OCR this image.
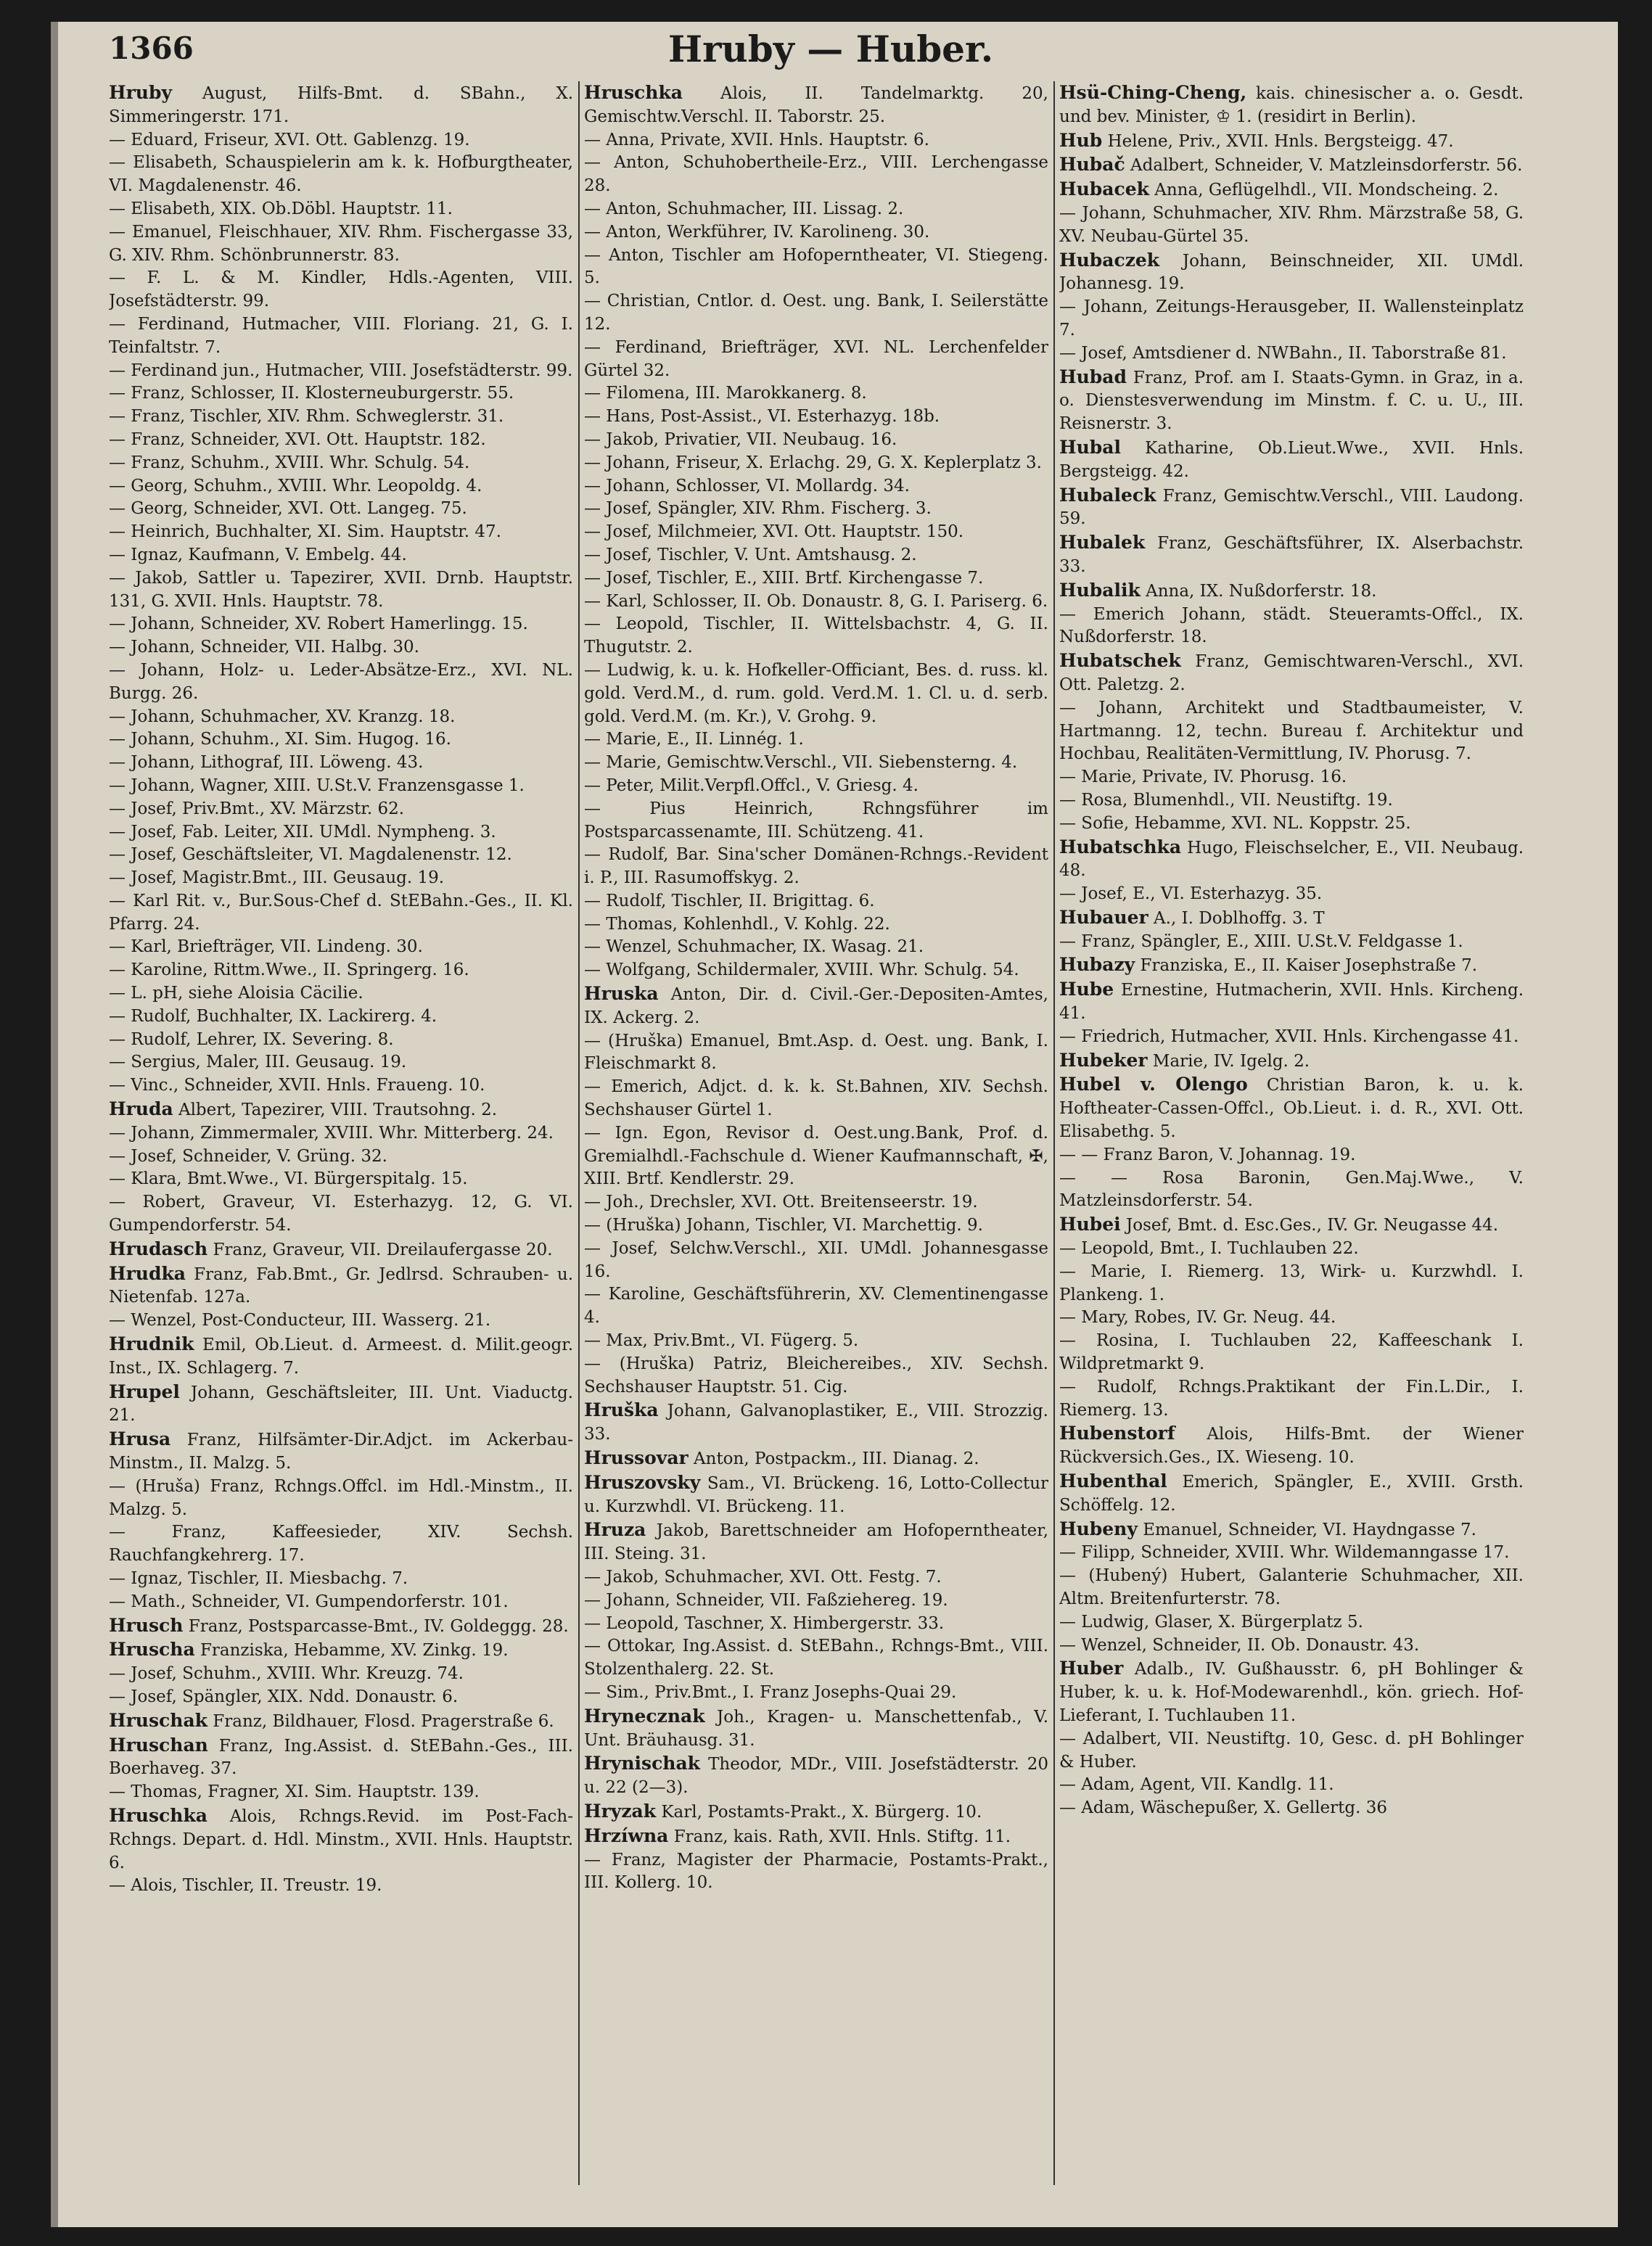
1366	Hruby — Huber.

Hruby August, Hilfs-Bmt. d. SBahn., X. Simmeringerstr. 171.

— Eduard, Friseur, XVI. Ott. Gablenzg. 19.

— Elisabeth, Schauspielerin am k. k. Hofburgtheater, VI. Magdalenenstr. 46.

— Elisabeth, XIX. Ob.Döbl. Hauptstr. 11.

— Emanuel, Fleischhauer, XIV. Rhm. Fischergasse 33, G. XIV. Rhm. Schönbrunnerstr. 83.

— F. L. & M. Kindler, Hdls.-Agenten, VIII. Josefstädterstr. 99.

— Ferdinand, Hutmacher, VIII. Floriang. 21, G. I. Teinfaltstr. 7.

— Ferdinand jun., Hutmacher, VIII. Josefstädterstr. 99.

— Franz, Schlosser, II. Klosterneuburgerstr. 55.

— Franz, Tischler, XIV. Rhm. Schweglerstr. 31.

— Franz, Schneider, XVI. Ott. Hauptstr. 182.

— Franz, Schuhm., XVIII. Whr. Schulg. 54.

— Georg, Schuhm., XVIII. Whr. Leopoldg. 4.

— Georg, Schneider, XVI. Ott. Langeg. 75.

— Heinrich, Buchhalter, XI. Sim. Hauptstr. 47.

— Ignaz, Kaufmann, V. Embelg. 44.

— Jakob, Sattler u. Tapezirer, XVII. Drnb. Hauptstr. 131, G. XVII. Hnls. Hauptstr. 78.

— Johann, Schneider, XV. Robert Hamerlingg. 15.

— Johann, Schneider, VII. Halbg. 30.

— Johann, Holz- u. Leder-Absätze-Erz., XVI. NL. Burgg. 26.

— Johann, Schuhmacher, XV. Kranzg. 18.

— Johann, Schuhm., XI. Sim. Hugog. 16.

— Johann, Lithograf, III. Löweng. 43.

— Johann, Wagner, XIII. U.St.V. Franzensgasse 1.

— Josef, Priv.Bmt., XV. Märzstr. 62.

— Josef, Fab. Leiter, XII. UMdl. Nympheng. 3.

— Josef, Geschäftsleiter, VI. Magdalenenstr. 12.

— Josef, Magistr.Bmt., III. Geusaug. 19.

— Karl Rit. v., Bur.Sous-Chef d. StEBahn.-Ges., II. Kl. Pfarrg. 24.

— Karl, Briefträger, VII. Lindeng. 30.

— Karoline, Rittm.Wwe., II. Springerg. 16.

— L. pH, siehe Aloisia Cäcilie.

— Rudolf, Buchhalter, IX. Lackirerg. 4.

— Rudolf, Lehrer, IX. Severing. 8.

— Sergius, Maler, III. Geusaug. 19.

— Vinc., Schneider, XVII. Hnls. Fraueng. 10.

Hruda Albert, Tapezirer, VIII. Trautsohng. 2.

— Johann, Zimmermaler, XVIII. Whr. Mitterberg. 24.

— Josef, Schneider, V. Grüng. 32.

— Klara, Bmt.Wwe., VI. Bürgerspitalg. 15.

— Robert, Graveur, VI. Esterhazyg. 12, G. VI. Gumpendorferstr. 54.

Hrudasch Franz, Graveur, VII. Dreilaufergasse 20.

Hrudka Franz, Fab.Bmt., Gr. Jedlrsd. Schrauben- u. Nietenfab. 127a.

— Wenzel, Post-Conducteur, III. Wasserg. 21.

Hrudnik Emil, Ob.Lieut. d. Armeest. d. Milit.geogr. Inst., IX. Schlagerg. 7.

Hrupel Johann, Geschäftsleiter, III. Unt. Viaductg. 21.

Hrusa Franz, Hilfsämter-Dir.Adjct. im Ackerbau-Minstm., II. Malzg. 5.

— (Hruša) Franz, Rchngs.Offcl. im Hdl.-Minstm., II. Malzg. 5.

— Franz, Kaffeesieder, XIV. Sechsh. Rauchfangkehrerg. 17.

— Ignaz, Tischler, II. Miesbachg. 7.

— Math., Schneider, VI. Gumpendorferstr. 101.

Hrusch Franz, Postsparcasse-Bmt., IV. Goldeggg. 28.

Hruscha Franziska, Hebamme, XV. Zinkg. 19.

— Josef, Schuhm., XVIII. Whr. Kreuzg. 74.

— Josef, Spängler, XIX. Ndd. Donaustr. 6.

Hruschak Franz, Bildhauer, Flosd. Pragerstraße 6.

Hruschan Franz, Ing.Assist. d. StEBahn.-Ges., III. Boerhaveg. 37.

— Thomas, Fragner, XI. Sim. Hauptstr. 139.

Hruschka Alois, Rchngs.Revid. im Post-Fach-Rchngs. Depart. d. Hdl. Minstm., XVII. Hnls. Hauptstr. 6.

— Alois, Tischler, II. Treustr. 19.

Hruschka Alois, II. Tandelmarktg. 20, Gemischtw.Verschl. II. Taborstr. 25.

— Anna, Private, XVII. Hnls. Hauptstr. 6.

— Anton, Schuhobertheile-Erz., VIII. Lerchengasse 28.

— Anton, Schuhmacher, III. Lissag. 2.

— Anton, Werkführer, IV. Karolineng. 30.

— Anton, Tischler am Hofoperntheater, VI. Stiegeng. 5.

— Christian, Cntlor. d. Oest. ung. Bank, I. Seilerstätte 12.

— Ferdinand, Briefträger, XVI. NL. Lerchenfelder Gürtel 32.

— Filomena, III. Marokkanerg. 8.

— Hans, Post-Assist., VI. Esterhazyg. 18b.

— Jakob, Privatier, VII. Neubaug. 16.

— Johann, Friseur, X. Erlachg. 29, G. X. Keplerplatz 3.

— Johann, Schlosser, VI. Mollardg. 34.

— Josef, Spängler, XIV. Rhm. Fischerg. 3.

— Josef, Milchmeier, XVI. Ott. Hauptstr. 150.

— Josef, Tischler, V. Unt. Amtshausg. 2.

— Josef, Tischler, E., XIII. Brtf. Kirchengasse 7.

— Karl, Schlosser, II. Ob. Donaustr. 8, G. I. Pariserg. 6.

— Leopold, Tischler, II. Wittelsbachstr. 4, G. II. Thugutstr. 2.

— Ludwig, k. u. k. Hofkeller-Officiant, Bes. d. russ. kl. gold. Verd.M., d. rum. gold. Verd.M. 1. Cl. u. d. serb. gold. Verd.M. (m. Kr.), V. Grohg. 9.

— Marie, E., II. Linnég. 1.

— Marie, Gemischtw.Verschl., VII. Siebensterng. 4.

— Peter, Milit.Verpfl.Offcl., V. Griesg. 4.

— Pius Heinrich, Rchngsführer im Postsparcassenamte, III. Schützeng. 41.

— Rudolf, Bar. Sina'scher Domänen-Rchngs.-Revident i. P., III. Rasumoffskyg. 2.

— Rudolf, Tischler, II. Brigittag. 6.

— Thomas, Kohlenhdl., V. Kohlg. 22.

— Wenzel, Schuhmacher, IX. Wasag. 21.

— Wolfgang, Schildermaler, XVIII. Whr. Schulg. 54.

Hruska Anton, Dir. d. Civil.-Ger.-Depositen-Amtes, IX. Ackerg. 2.

— (Hruška) Emanuel, Bmt.Asp. d. Oest. ung. Bank, I. Fleischmarkt 8.

— Emerich, Adjct. d. k. k. St.Bahnen, XIV. Sechsh. Sechshauser Gürtel 1.

— Ign. Egon, Revisor d. Oest.ung.Bank, Prof. d. Gremialhdl.-Fachschule d. Wiener Kaufmannschaft, ✠, XIII. Brtf. Kendlerstr. 29.

— Joh., Drechsler, XVI. Ott. Breitenseerstr. 19.

— (Hruška) Johann, Tischler, VI. Marchettig. 9.

— Josef, Selchw.Verschl., XII. UMdl. Johannesgasse 16.

— Karoline, Geschäftsführerin, XV. Clementinengasse 4.

— Max, Priv.Bmt., VI. Fügerg. 5.

— (Hruška) Patriz, Bleichereibes., XIV. Sechsh. Sechshauser Hauptstr. 51. Cig.

Hruška Johann, Galvanoplastiker, E., VIII. Strozzig. 33.

Hrussovar Anton, Postpackm., III. Dianag. 2.

Hruszovsky Sam., VI. Brückeng. 16, Lotto-Collectur u. Kurzwhdl. VI. Brückeng. 11.

Hruza Jakob, Barettschneider am Hofoperntheater, III. Steing. 31.

— Jakob, Schuhmacher, XVI. Ott. Festg. 7.

— Johann, Schneider, VII. Faßziehereg. 19.

— Leopold, Taschner, X. Himbergerstr. 33.

— Ottokar, Ing.Assist. d. StEBahn., Rchngs-Bmt., VIII. Stolzenthalerg. 22. St.

— Sim., Priv.Bmt., I. Franz Josephs-Quai 29.

Hrynecznak Joh., Kragen- u. Manschettenfab., V. Unt. Bräuhausg. 31.

Hrynischak Theodor, MDr., VIII. Josefstädterstr. 20 u. 22 (2—3).

Hryzak Karl, Postamts-Prakt., X. Bürgerg. 10.

Hrzíwna Franz, kais. Rath, XVII. Hnls. Stiftg. 11.

— Franz, Magister der Pharmacie, Postamts-Prakt., III. Kollerg. 10.

Hsü-Ching-Cheng, kais. chinesischer a. o. Gesdt. und bev. Minister, ♔ 1. (residirt in Berlin).

Hub Helene, Priv., XVII. Hnls. Bergsteigg. 47.

Hubač Adalbert, Schneider, V. Matzleinsdorferstr. 56.

Hubacek Anna, Geflügelhdl., VII. Mondscheing. 2.

— Johann, Schuhmacher, XIV. Rhm. Märzstraße 58, G. XV. Neubau-Gürtel 35.

Hubaczek Johann, Beinschneider, XII. UMdl. Johannesg. 19.

— Johann, Zeitungs-Herausgeber, II. Wallensteinplatz 7.

— Josef, Amtsdiener d. NWBahn., II. Taborstraße 81.

Hubad Franz, Prof. am I. Staats-Gymn. in Graz, in a. o. Dienstesverwendung im Minstm. f. C. u. U., III. Reisnerstr. 3.

Hubal Katharine, Ob.Lieut.Wwe., XVII. Hnls. Bergsteigg. 42.

Hubaleck Franz, Gemischtw.Verschl., VIII. Laudong. 59.

Hubalek Franz, Geschäftsführer, IX. Alserbachstr. 33.

Hubalik Anna, IX. Nußdorferstr. 18.

— Emerich Johann, städt. Steueramts-Offcl., IX. Nußdorferstr. 18.

Hubatschek Franz, Gemischtwaren-Verschl., XVI. Ott. Paletzg. 2.

— Johann, Architekt und Stadtbaumeister, V. Hartmanng. 12, techn. Bureau f. Architektur und Hochbau, Realitäten-Vermittlung, IV. Phorusg. 7.

— Marie, Private, IV. Phorusg. 16.

— Rosa, Blumenhdl., VII. Neustiftg. 19.

— Sofie, Hebamme, XVI. NL. Koppstr. 25.

Hubatschka Hugo, Fleischselcher, E., VII. Neubaug. 48.

— Josef, E., VI. Esterhazyg. 35.

Hubauer A., I. Doblhoffg. 3. T

— Franz, Spängler, E., XIII. U.St.V. Feldgasse 1.

Hubazy Franziska, E., II. Kaiser Josephstraße 7.

Hube Ernestine, Hutmacherin, XVII. Hnls. Kircheng. 41.

— Friedrich, Hutmacher, XVII. Hnls. Kirchengasse 41.

Hubeker Marie, IV. Igelg. 2.

Hubel v. Olengo Christian Baron, k. u. k. Hoftheater-Cassen-Offcl., Ob.Lieut. i. d. R., XVI. Ott. Elisabethg. 5.

— — Franz Baron, V. Johannag. 19.

— — Rosa Baronin, Gen.Maj.Wwe., V. Matzleinsdorferstr. 54.

Hubei Josef, Bmt. d. Esc.Ges., IV. Gr. Neugasse 44.

— Leopold, Bmt., I. Tuchlauben 22.

— Marie, I. Riemerg. 13, Wirk- u. Kurzwhdl. I. Plankeng. 1.

— Mary, Robes, IV. Gr. Neug. 44.

— Rosina, I. Tuchlauben 22, Kaffeeschank I. Wildpretmarkt 9.

— Rudolf, Rchngs.Praktikant der Fin.L.Dir., I. Riemerg. 13.

Hubenstorf Alois, Hilfs-Bmt. der Wiener Rückversich.Ges., IX. Wieseng. 10.

Hubenthal Emerich, Spängler, E., XVIII. Grsth. Schöffelg. 12.

Hubeny Emanuel, Schneider, VI. Haydngasse 7.

— Filipp, Schneider, XVIII. Whr. Wildemanngasse 17.

— (Hubený) Hubert, Galanterie Schuhmacher, XII. Altm. Breitenfurterstr. 78.

— Ludwig, Glaser, X. Bürgerplatz 5.

— Wenzel, Schneider, II. Ob. Donaustr. 43.

Huber Adalb., IV. Gußhausstr. 6, pH Bohlinger & Huber, k. u. k. Hof-Modewarenhdl., kön. griech. Hof-Lieferant, I. Tuchlauben 11.

— Adalbert, VII. Neustiftg. 10, Gesc. d. pH Bohlinger & Huber.

— Adam, Agent, VII. Kandlg. 11.

— Adam, Wäschepußer, X. Gellertg. 36
